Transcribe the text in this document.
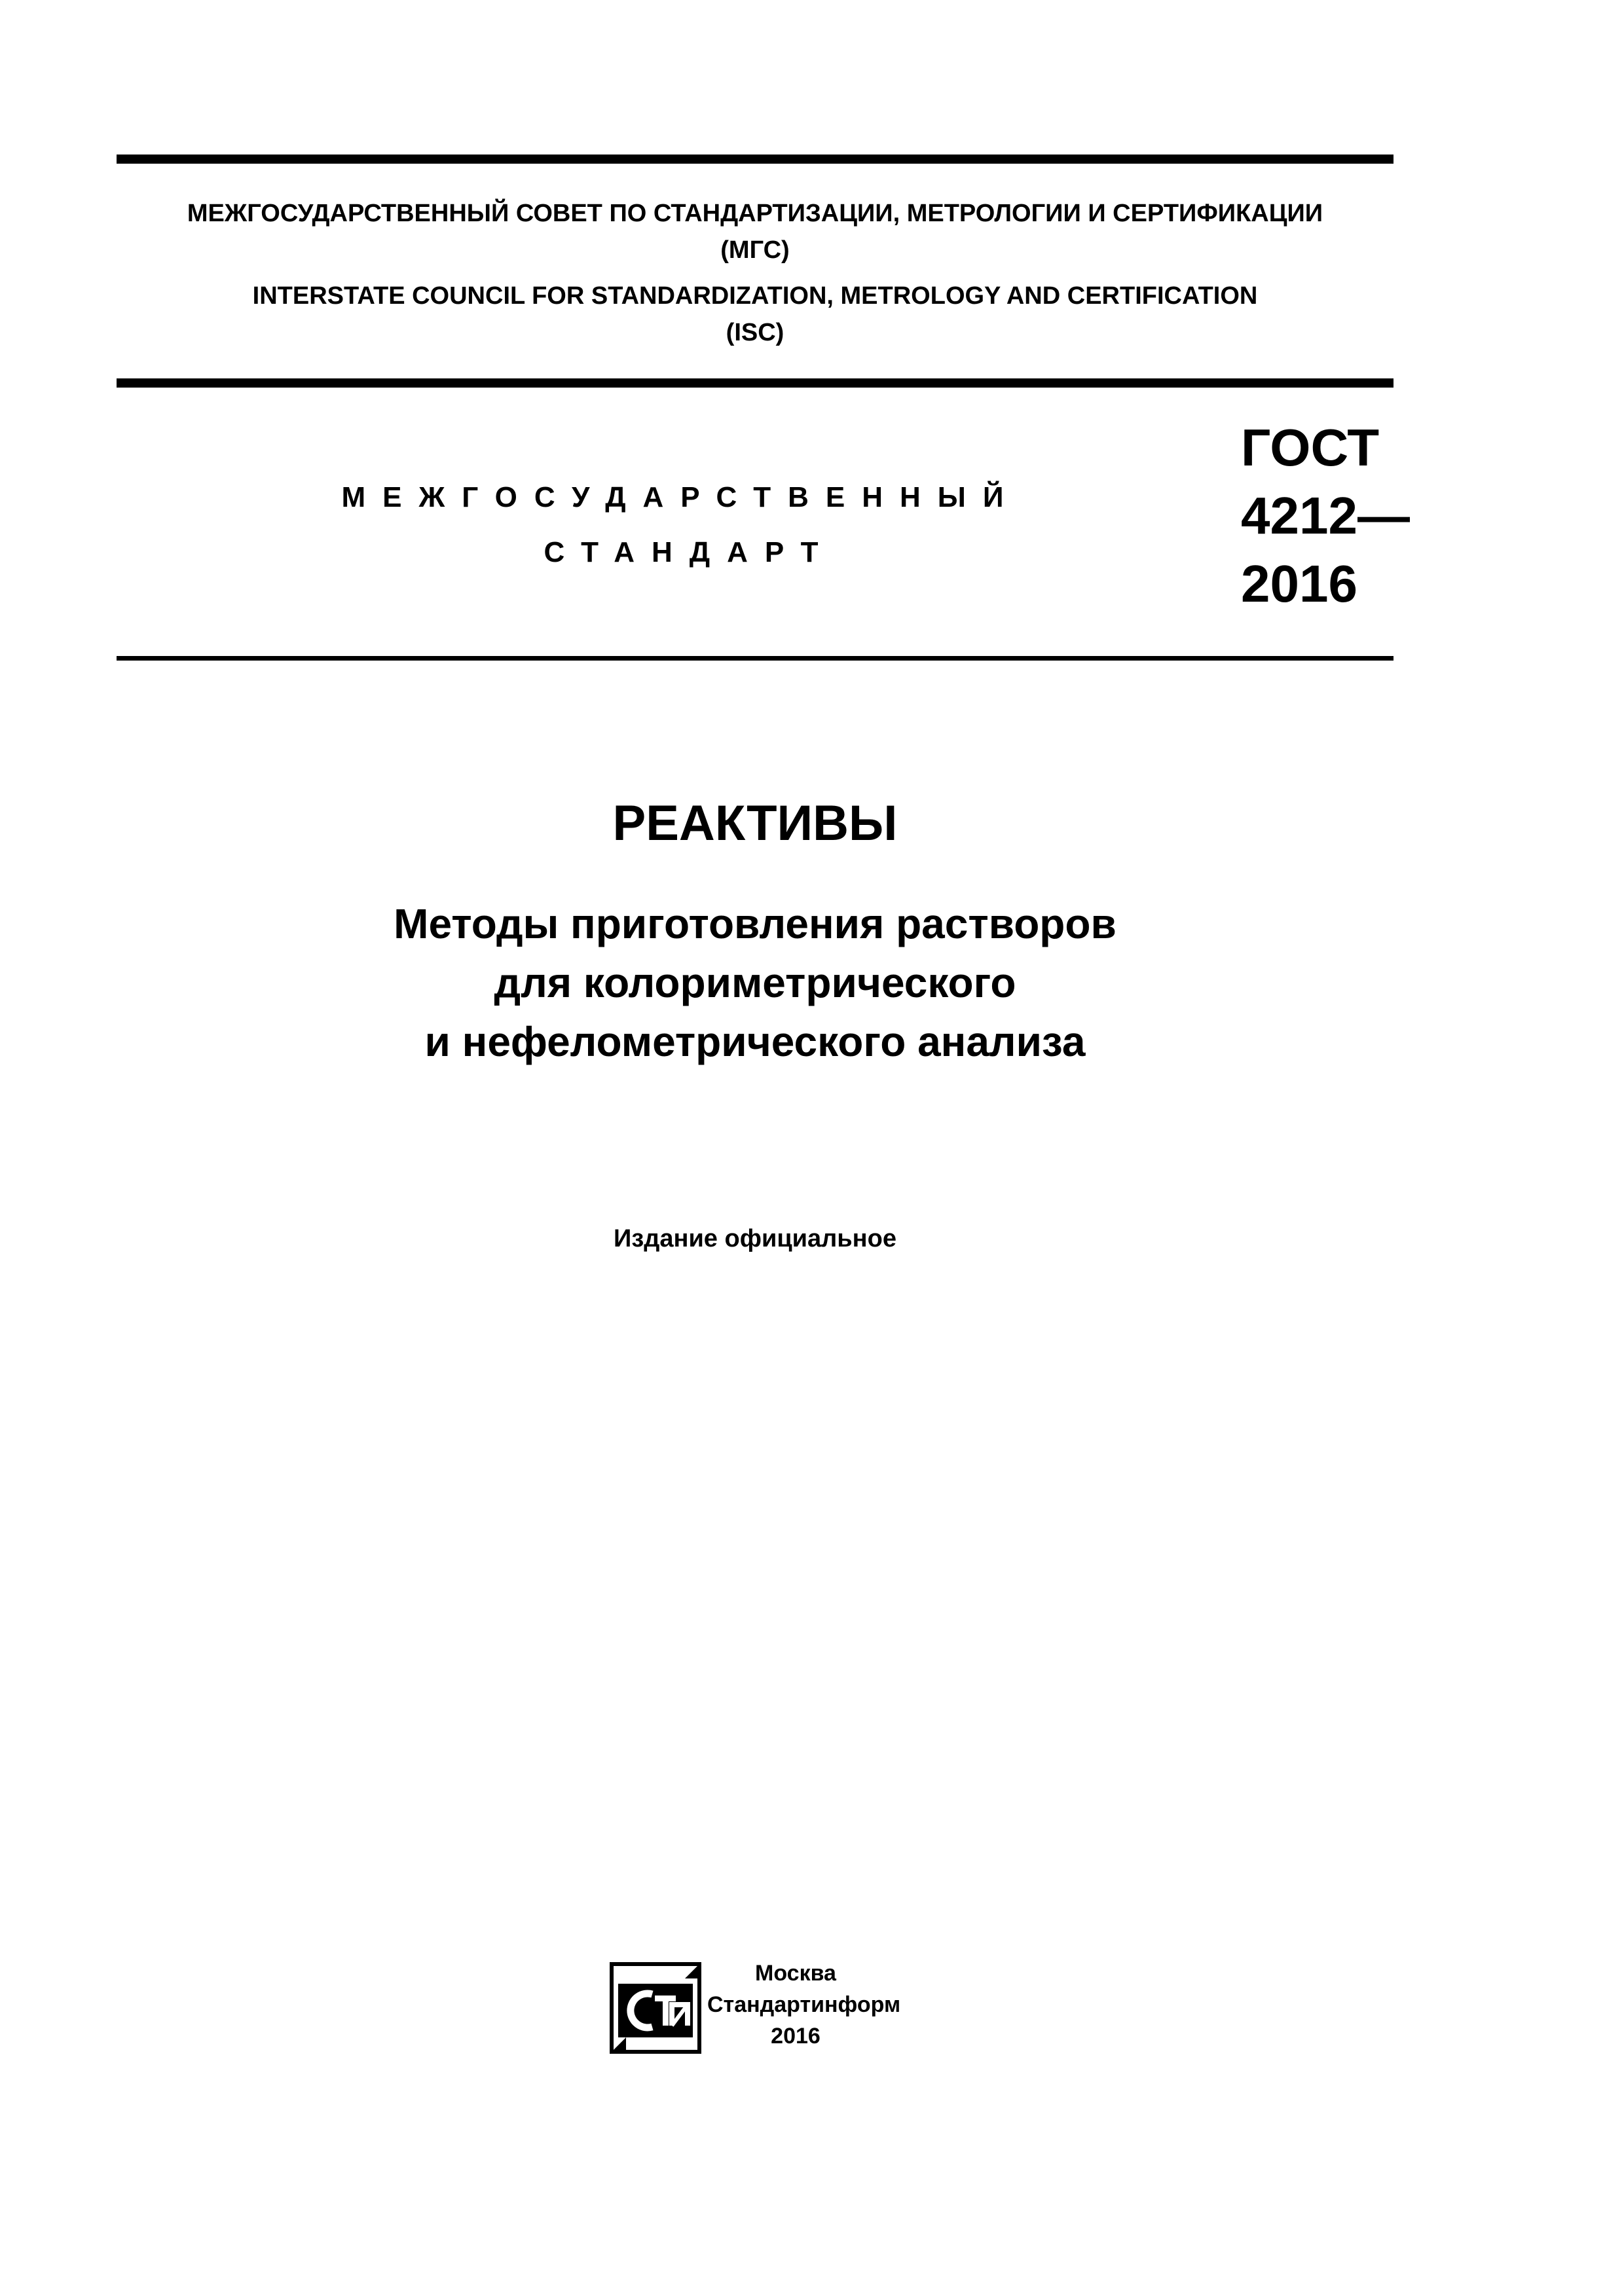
МЕЖГОСУДАРСТВЕННЫЙ СОВЕТ ПО СТАНДАРТИЗАЦИИ, МЕТРОЛОГИИ И СЕРТИФИКАЦИИ
(МГС)
INTERSTATE COUNCIL FOR STANDARDIZATION, METROLOGY AND CERTIFICATION
(ISC)
МЕЖГОСУДАРСТВЕННЫЙ
СТАНДАРТ
ГОСТ
4212—
2016
РЕАКТИВЫ
Методы приготовления растворов
для колориметрического
и нефелометрического анализа
Издание официальное
Москва
Стандартинформ
2016
